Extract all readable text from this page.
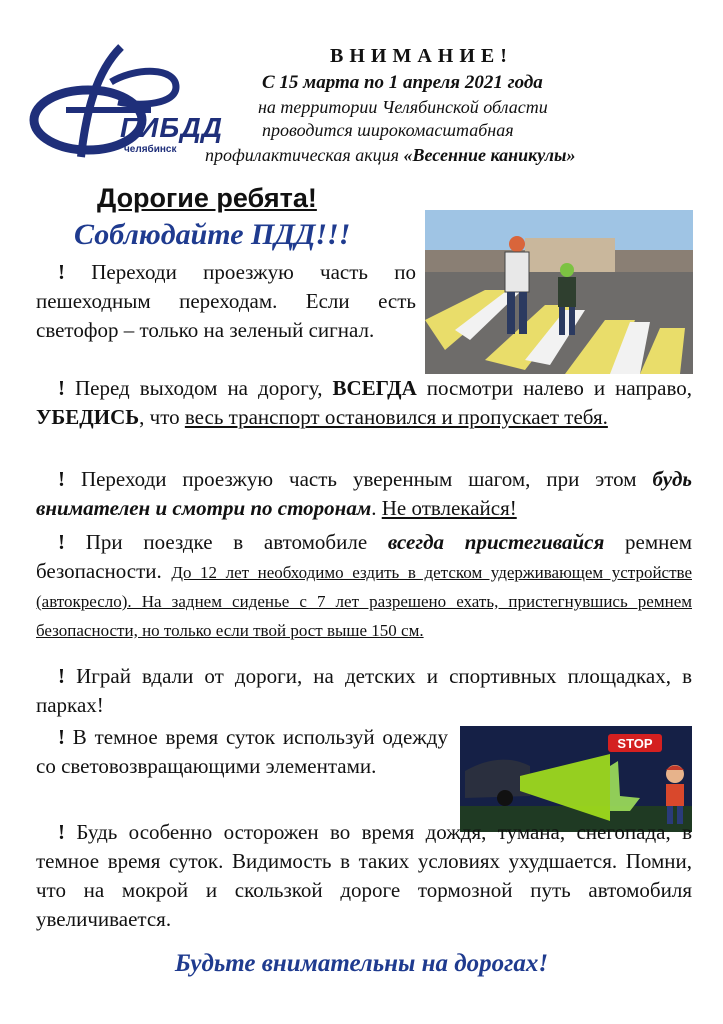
ГИБДД
челябинск
ВНИМАНИЕ!
С 15 марта по 1 апреля 2021 года
на территории Челябинской области
проводится широкомасштабная
профилактическая акция «Весенние каникулы»
Дорогие ребята!
Соблюдайте ПДД!!!
! Переходи проезжую часть по пешеходным переходам. Если есть светофор – только на зеленый сигнал.
! Перед выходом на дорогу, ВСЕГДА посмотри налево и направо, УБЕДИСЬ, что весь транспорт остановился и пропускает тебя.
! Переходи проезжую часть уверенным шагом, при этом будь внимателен и смотри по сторонам. Не отвлекайся!
! При поездке в автомобиле всегда пристегивайся ремнем безопасности. До 12 лет необходимо ездить в детском удерживающем устройстве (автокресло). На заднем сиденье с 7 лет разрешено ехать, пристегнувшись ремнем безопасности, но только если твой рост выше 150 см.
! Играй вдали от дороги, на детских и спортивных площадках, в парках!
STOP
! В темное время суток используй одежду со световозвращающими элементами.
! Будь особенно осторожен во время дождя, тумана, снегопада, в темное время суток. Видимость в таких условиях ухудшается. Помни, что на мокрой и скользкой дороге тормозной путь автомобиля увеличивается.
Будьте внимательны на дорогах!
